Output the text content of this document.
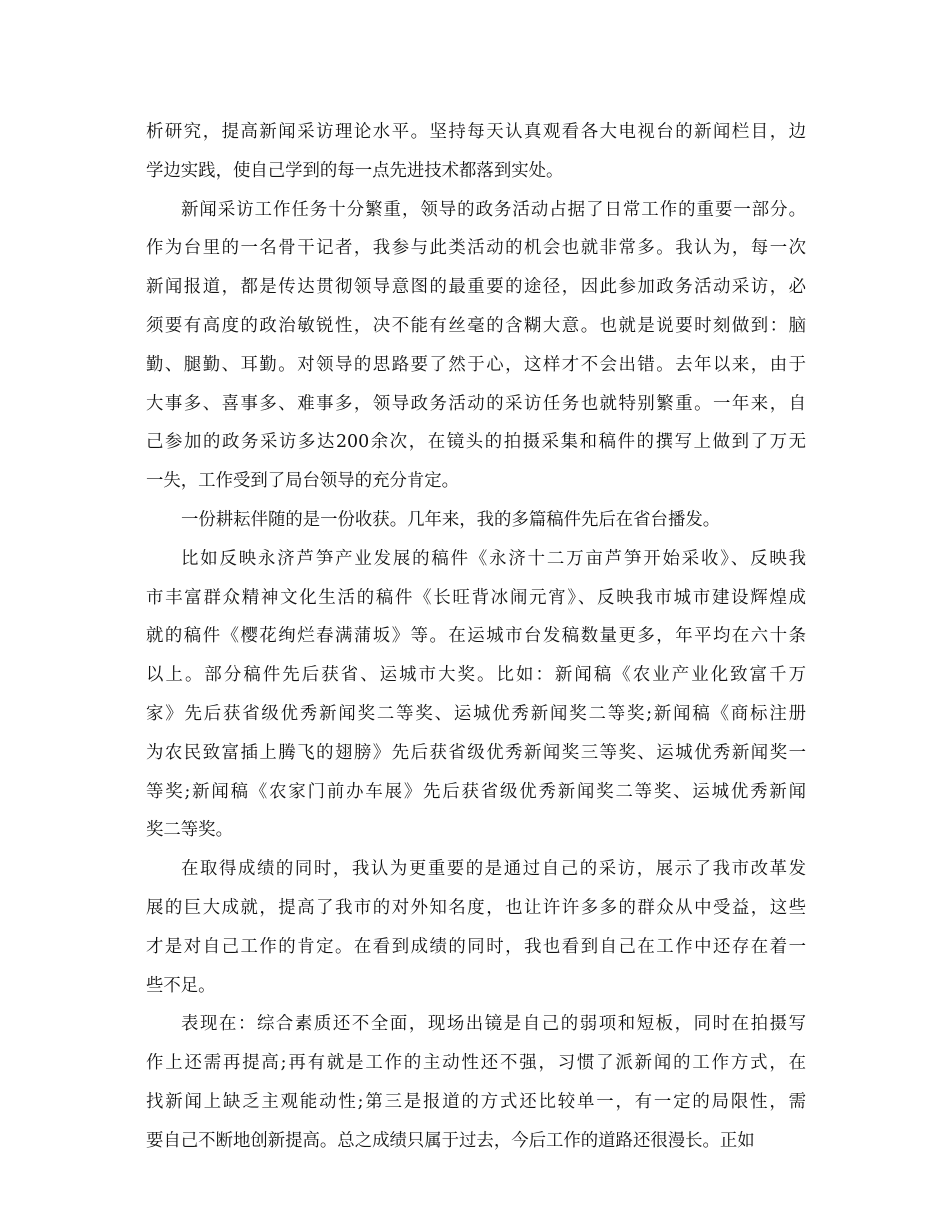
析研究，提高新闻采访理论水平。坚持每天认真观看各大电视台的新闻栏目，边
学边实践，使自己学到的每一点先进技术都落到实处。
新闻采访工作任务十分繁重，领导的政务活动占据了日常工作的重要一部分。
作为台里的一名骨干记者，我参与此类活动的机会也就非常多。我认为，每一次
新闻报道，都是传达贯彻领导意图的最重要的途径，因此参加政务活动采访，必
须要有高度的政治敏锐性，决不能有丝毫的含糊大意。也就是说要时刻做到：脑
勤、腿勤、耳勤。对领导的思路要了然于心，这样才不会出错。去年以来，由于
大事多、喜事多、难事多，领导政务活动的采访任务也就特别繁重。一年来，自
己参加的政务采访多达200余次，在镜头的拍摄采集和稿件的撰写上做到了万无
一失，工作受到了局台领导的充分肯定。
一份耕耘伴随的是一份收获。几年来，我的多篇稿件先后在省台播发。
比如反映永济芦笋产业发展的稿件《永济十二万亩芦笋开始采收》、反映我
市丰富群众精神文化生活的稿件《长旺背冰闹元宵》、反映我市城市建设辉煌成
就的稿件《樱花绚烂春满蒲坂》等。在运城市台发稿数量更多，年平均在六十条
以上。部分稿件先后获省、运城市大奖。比如：新闻稿《农业产业化致富千万
家》先后获省级优秀新闻奖二等奖、运城优秀新闻奖二等奖;新闻稿《商标注册
为农民致富插上腾飞的翅膀》先后获省级优秀新闻奖三等奖、运城优秀新闻奖一
等奖;新闻稿《农家门前办车展》先后获省级优秀新闻奖二等奖、运城优秀新闻
奖二等奖。
在取得成绩的同时，我认为更重要的是通过自己的采访，展示了我市改革发
展的巨大成就，提高了我市的对外知名度，也让许许多多的群众从中受益，这些
才是对自己工作的肯定。在看到成绩的同时，我也看到自己在工作中还存在着一
些不足。
表现在：综合素质还不全面，现场出镜是自己的弱项和短板，同时在拍摄写
作上还需再提高;再有就是工作的主动性还不强，习惯了派新闻的工作方式，在
找新闻上缺乏主观能动性;第三是报道的方式还比较单一，有一定的局限性，需
要自己不断地创新提高。总之成绩只属于过去，今后工作的道路还很漫长。正如
